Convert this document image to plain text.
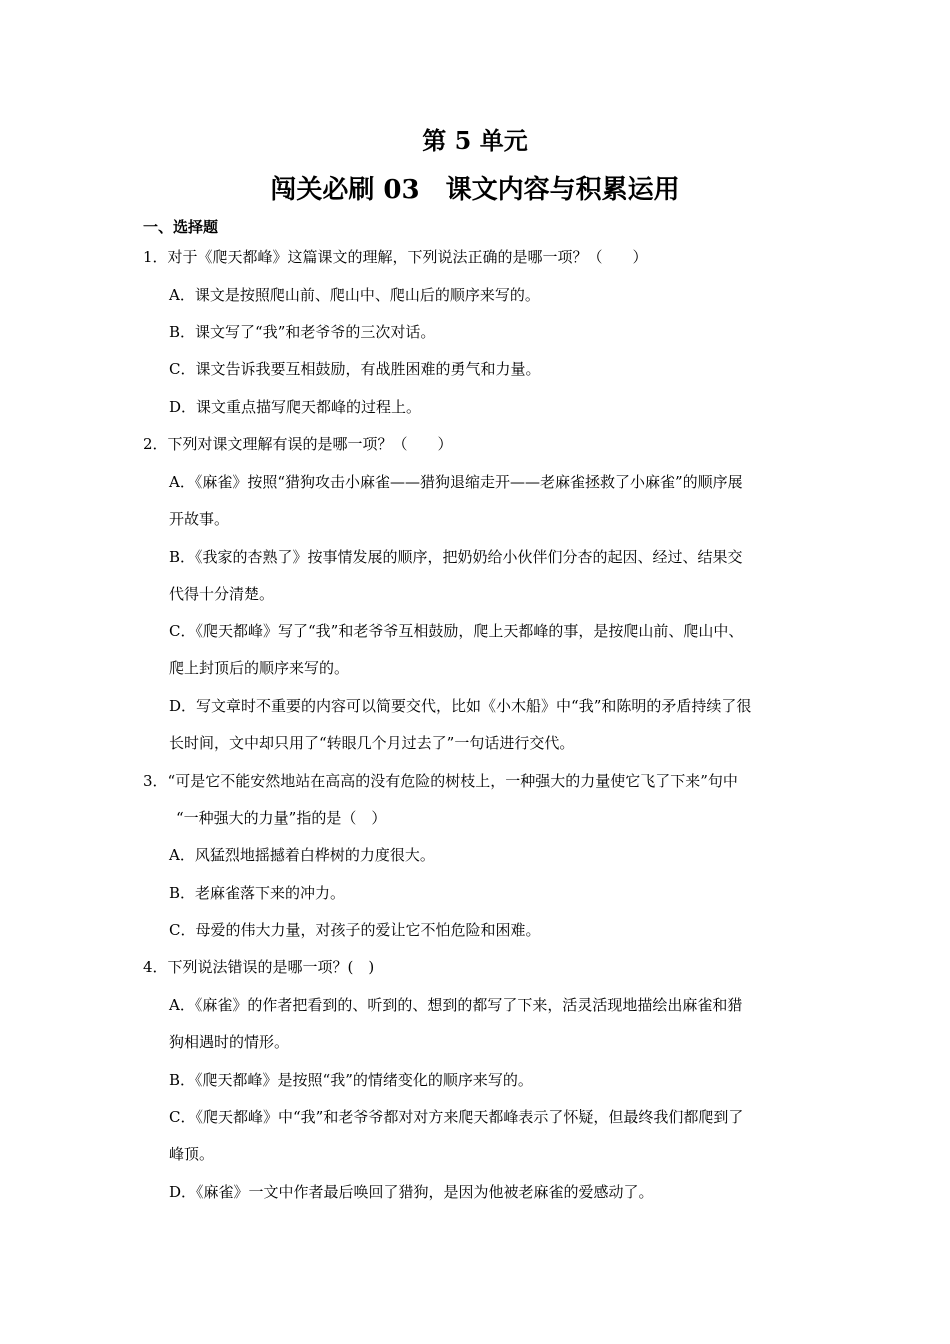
第 5 单元
闯关必刷 03　课文内容与积累运用
一、选择题
1．对于《爬天都峰》这篇课文的理解，下列说法正确的是哪一项？（　　）
A．课文是按照爬山前、爬山中、爬山后的顺序来写的。
B．课文写了“我”和老爷爷的三次对话。
C．课文告诉我要互相鼓励，有战胜困难的勇气和力量。
D．课文重点描写爬天都峰的过程上。
2．下列对课文理解有误的是哪一项？（　　）
A．《麻雀》按照“猎狗攻击小麻雀——猎狗退缩走开——老麻雀拯救了小麻雀”的顺序展
开故事。
B．《我家的杏熟了》按事情发展的顺序，把奶奶给小伙伴们分杏的起因、经过、结果交
代得十分清楚。
C．《爬天都峰》写了“我”和老爷爷互相鼓励，爬上天都峰的事，是按爬山前、爬山中、
爬上封顶后的顺序来写的。
D．写文章时不重要的内容可以简要交代，比如《小木船》中“我”和陈明的矛盾持续了很
长时间，文中却只用了“转眼几个月过去了”一句话进行交代。
3．“可是它不能安然地站在高高的没有危险的树枝上，一种强大的力量使它飞了下来”句中
“一种强大的力量”指的是（　）
A．风猛烈地摇撼着白桦树的力度很大。
B．老麻雀落下来的冲力。
C．母爱的伟大力量，对孩子的爱让它不怕危险和困难。
4．下列说法错误的是哪一项？(　)
A．《麻雀》的作者把看到的、听到的、想到的都写了下来，活灵活现地描绘出麻雀和猎
狗相遇时的情形。
B．《爬天都峰》是按照“我”的情绪变化的顺序来写的。
C．《爬天都峰》中“我”和老爷爷都对对方来爬天都峰表示了怀疑，但最终我们都爬到了
峰顶。
D．《麻雀》一文中作者最后唤回了猎狗，是因为他被老麻雀的爱感动了。
